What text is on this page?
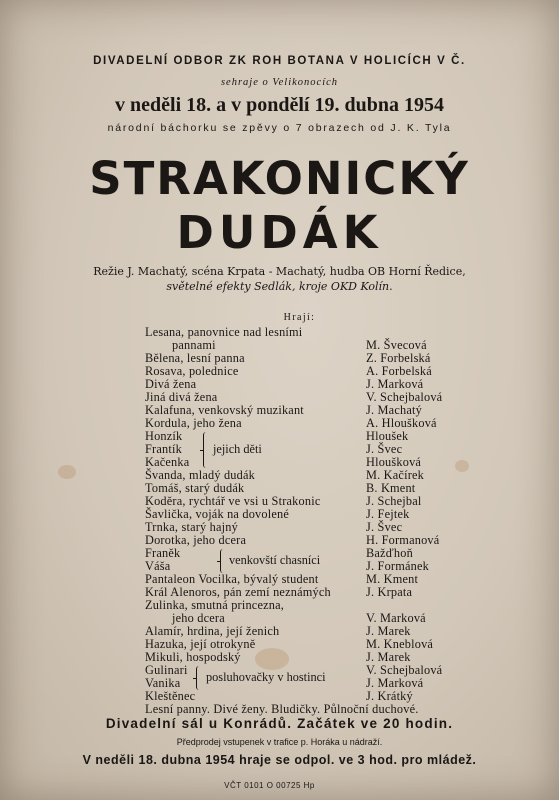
DIVADELNÍ ODBOR ZK ROH BOTANA V HOLICÍCH V Č.
sehraje o Velikonocích
v neděli 18. a v pondělí 19. dubna 1954
národní báchorku se zpěvy o 7 obrazech od J. K. Tyla
STRAKONICKÝ
DUDÁK
Režie J. Machatý, scéna Krpata - Machatý, hudba OB Horní Ředice,
světelné efekty Sedlák, kroje OKD Kolín.
Hrají:
Lesana, panovnice nad lesními
pannami
Bělena, lesní panna
Rosava, polednice
Divá žena
Jiná divá žena
Kalafuna, venkovský muzikant
Kordula, jeho žena
Honzík
Frantík
Kačenka
Švanda, mladý dudák
Tomáš, starý dudák
Koděra, rychtář ve vsi u Strakonic
Šavlička, voják na dovolené
Trnka, starý hajný
Dorotka, jeho dcera
Franěk
Váša
Pantaleon Vocilka, bývalý student
Král Alenoros, pán zemí neznámých
Zulinka, smutná princezna,
jeho dcera
Alamír, hrdina, její ženich
Hazuka, její otrokyně
Mikuli, hospodský
Gulinari
Vanika
Kleštěnec
Lesní panny. Divé ženy. Bludičky. Půlnoční duchové.
jejich děti
venkovští chasníci
posluhovačky v hostinci
M. Švecová
Z. Forbelská
A. Forbelská
J. Marková
V. Schejbalová
J. Machatý
A. Hloušková
Hloušek
J. Švec
Hloušková
M. Kačírek
B. Kment
J. Schejbal
J. Fejtek
J. Švec
H. Formanová
Bažďhoň
J. Formánek
M. Kment
J. Krpata
V. Marková
J. Marek
M. Kneblová
J. Marek
V. Schejbalová
J. Marková
J. Krátký
Divadelní sál u Konrádů. Začátek ve 20 hodin.
Předprodej vstupenek v trafice p. Horáka u nádraží.
V neděli 18. dubna 1954 hraje se odpol. ve 3 hod. pro mládež.
VČT 0101 O 00725 Hp
